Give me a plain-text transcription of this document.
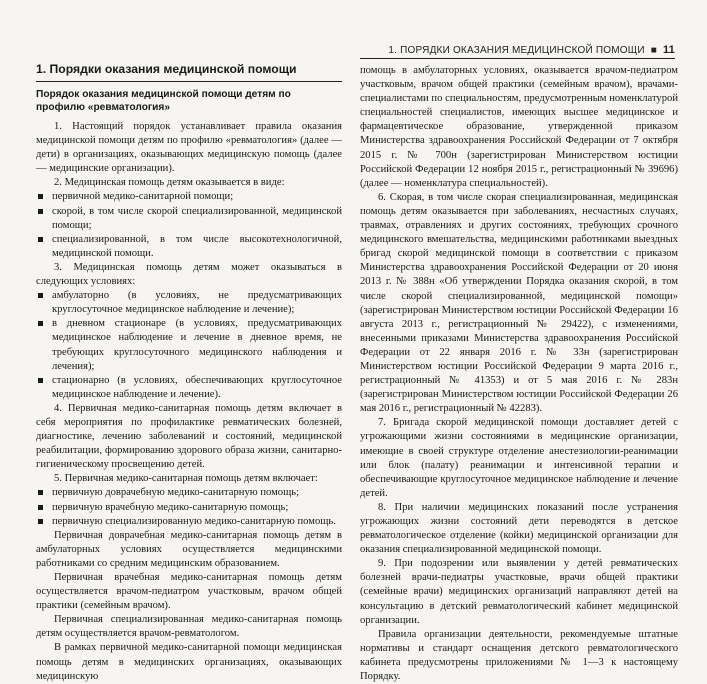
1. ПОРЯДКИ ОКАЗАНИЯ МЕДИЦИНСКОЙ ПОМОЩИ ■ 11
1. Порядки оказания медицинской помощи
Порядок оказания медицинской помощи детям по профилю «ревматология»

1. Настоящий порядок устанавливает правила оказания медицинской помощи детям по профилю «ревматология» (далее — дети) в организациях, оказывающих медицинскую помощь (далее — медицинские организации).

2. Медицинская помощь детям оказывается в виде:

первичной медико-санитарной помощи;
скорой, в том числе скорой специализированной, медицинской помощи;
специализированной, в том числе высокотехнологичной, медицинской помощи.

3. Медицинская помощь детям может оказываться в следующих условиях:

амбулаторно (в условиях, не предусматривающих круглосуточное медицинское наблюдение и лечение);
в дневном стационаре (в условиях, предусматривающих медицинское наблюдение и лечение в дневное время, не требующих круглосуточного медицинского наблюдения и лечения);
стационарно (в условиях, обеспечивающих круглосуточное медицинское наблюдение и лечение).

4. Первичная медико-санитарная помощь детям включает в себя мероприятия по профилактике ревматических болезней, диагностике, лечению заболеваний и состояний, медицинской реабилитации, формированию здорового образа жизни, санитарно-гигиеническому просвещению детей.

5. Первичная медико-санитарная помощь детям включает:

первичную доврачебную медико-санитарную помощь;
первичную врачебную медико-санитарную помощь;
первичную специализированную медико-санитарную помощь.

Первичная доврачебная медико-санитарная помощь детям в амбулаторных условиях осуществляется медицинскими работниками со средним медицинским образованием.

Первичная врачебная медико-санитарная помощь детям осуществляется врачом-педиатром участковым, врачом общей практики (семейным врачом).

Первичная специализированная медико-санитарная помощь детям осуществляется врачом-ревматологом.

В рамках первичной медико-санитарной помощи медицинская помощь детям в медицинских организациях, оказывающих медицинскую

помощь в амбулаторных условиях, оказывается врачом-педиатром участковым, врачом общей практики (семейным врачом), врачами-специалистами по специальностям, предусмотренным номенклатурой специальностей специалистов, имеющих высшее медицинское и фармацевтическое образование, утвержденной приказом Министерства здравоохранения Российской Федерации от 7 октября 2015 г. № 700н (зарегистрирован Министерством юстиции Российской Федерации 12 ноября 2015 г., регистрационный № 39696) (далее — номенклатура специальностей).

6. Скорая, в том числе скорая специализированная, медицинская помощь детям оказывается при заболеваниях, несчастных случаях, травмах, отравлениях и других состояниях, требующих срочного медицинского вмешательства, медицинскими работниками выездных бригад скорой медицинской помощи в соответствии с приказом Министерства здравоохранения Российской Федерации от 20 июня 2013 г. № 388н «Об утверждении Порядка оказания скорой, в том числе скорой специализированной, медицинской помощи» (зарегистрирован Министерством юстиции Российской Федерации 16 августа 2013 г., регистрационный № 29422), с изменениями, внесенными приказами Министерства здравоохранения Российской Федерации от 22 января 2016 г. № 33н (зарегистрирован Министерством юстиции Российской Федерации 9 марта 2016 г., регистрационный № 41353) и от 5 мая 2016 г. № 283н (зарегистрирован Министерством юстиции Российской Федерации 26 мая 2016 г., регистрационный № 42283).

7. Бригада скорой медицинской помощи доставляет детей с угрожающими жизни состояниями в медицинские организации, имеющие в своей структуре отделение анестезиологии-реанимации или блок (палату) реанимации и интенсивной терапии и обеспечивающие круглосуточное медицинское наблюдение и лечение детей.

8. При наличии медицинских показаний после устранения угрожающих жизни состояний дети переводятся в детское ревматологическое отделение (койки) медицинской организации для оказания специализированной медицинской помощи.

9. При подозрении или выявлении у детей ревматических болезней врачи-педиатры участковые, врачи общей практики (семейные врачи) медицинских организаций направляют детей на консультацию в детский ревматологический кабинет медицинской организации.

Правила организации деятельности, рекомендуемые штатные нормативы и стандарт оснащения детского ревматологического кабинета предусмотрены приложениями № 1—3 к настоящему Порядку.
